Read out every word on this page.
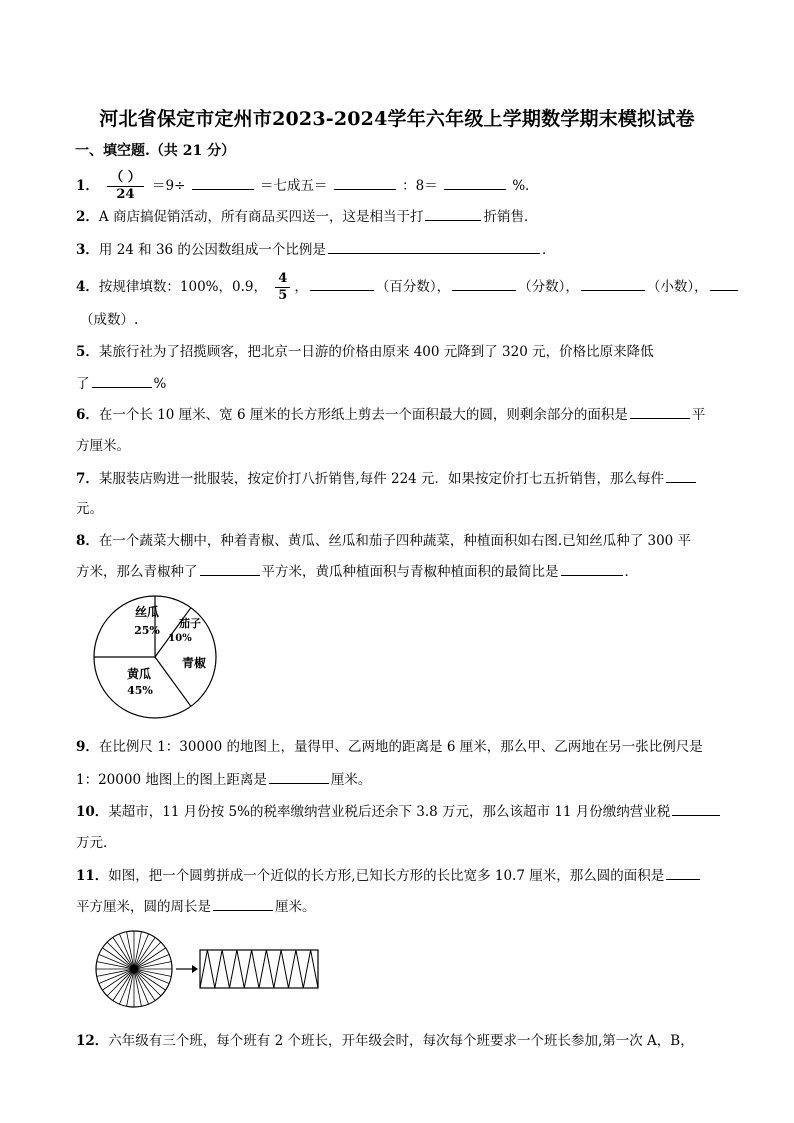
河北省保定市定州市2023-2024学年六年级上学期数学期末模拟试卷
一、填空题.（共 21 分）
1． $\frac{( )}{24} =9\div$	＝七成五＝	：8＝	%．
2．A 商店搞促销活动，所有商品买四送一，这是相当于打	折销售．
3．用 24 和 36 的公因数组成一个比例是	．
4．按规律填数：100%，0.9， $\frac{4}{5}$ ，	（百分数），	（分数），	（小数），
（成数）.
5．某旅行社为了招揽顾客，把北京一日游的价格由原来 400 元降到了 320 元，价格比原来降低
了	%
6．在一个长 10 厘米、宽 6 厘米的长方形纸上剪去一个面积最大的圆，则剩余部分的面积是	平
方厘米。
7．某服装店购进一批服装，按定价打八折销售,每件 224 元．如果按定价打七五折销售，那么每件
元。
8．在一个蔬菜大棚中，种着青椒、黄瓜、丝瓜和茄子四种蔬菜，种植面积如右图.已知丝瓜种了 300 平
方米，那么青椒种了	平方米，黄瓜种植面积与青椒种植面积的最简比是	．
丝瓜
25%
茄子
10%
青椒
黄瓜
45%
9．在比例尺 1：30000 的地图上，量得甲、乙两地的距离是 6 厘米，那么甲、乙两地在另一张比例尺是
1：20000 地图上的图上距离是	厘米。
10．某超市，11 月份按 5%的税率缴纳营业税后还余下 3.8 万元，那么该超市 11 月份缴纳营业税
万元．
11．如图，把一个圆剪拼成一个近似的长方形,已知长方形的长比宽多 10.7 厘米，那么圆的面积是
平方厘米，圆的周长是	厘米。
12．六年级有三个班，每个班有 2 个班长，开年级会时，每次每个班要求一个班长参加,第一次 A，B，
